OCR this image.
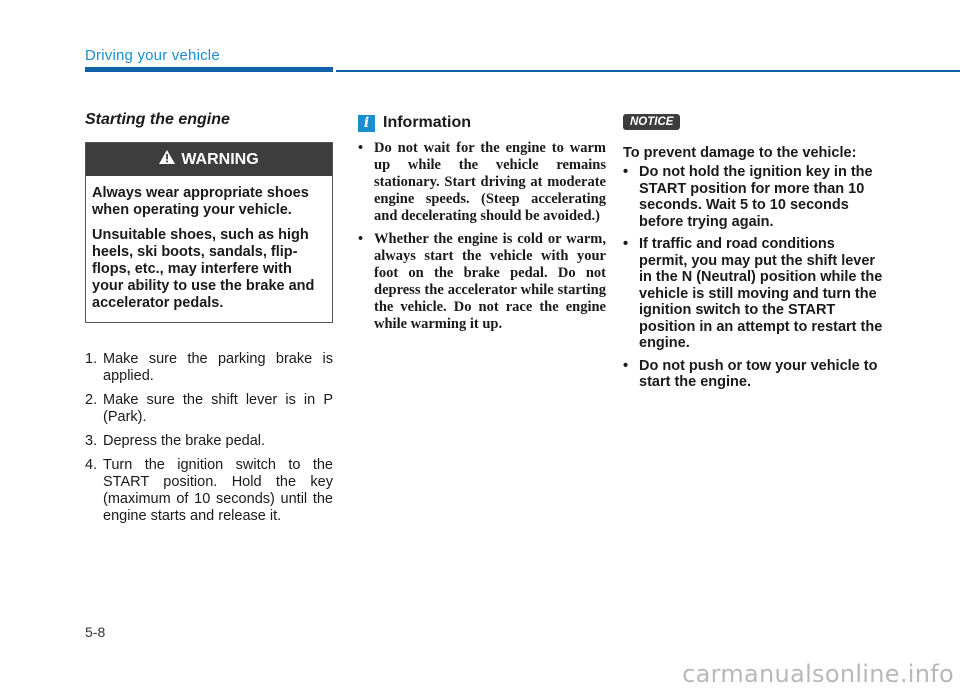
Driving your vehicle
Starting the engine
WARNING

Always wear appropriate shoes when operating your vehicle.

Unsuitable shoes, such as high heels, ski boots, sandals, flip-flops, etc., may interfere with your ability to use the brake and accelerator pedals.

1. Make sure the parking brake is applied.
2. Make sure the shift lever is in P (Park).
3. Depress the brake pedal.
4. Turn the ignition switch to the START position. Hold the key (maximum of 10 seconds) until the engine starts and release it.
i Information
• Do not wait for the engine to warm up while the vehicle remains stationary. Start driving at moderate engine speeds. (Steep accelerating and decelerating should be avoided.)
• Whether the engine is cold or warm, always start the vehicle with your foot on the brake pedal. Do not depress the accelerator while starting the vehicle. Do not race the engine while warming it up.
NOTICE
To prevent damage to the vehicle:
• Do not hold the ignition key in the START position for more than 10 seconds. Wait 5 to 10 seconds before trying again.
• If traffic and road conditions permit, you may put the shift lever in the N (Neutral) position while the vehicle is still moving and turn the ignition switch to the START position in an attempt to restart the engine.
• Do not push or tow your vehicle to start the engine.
5-8
carmanualsonline.info
